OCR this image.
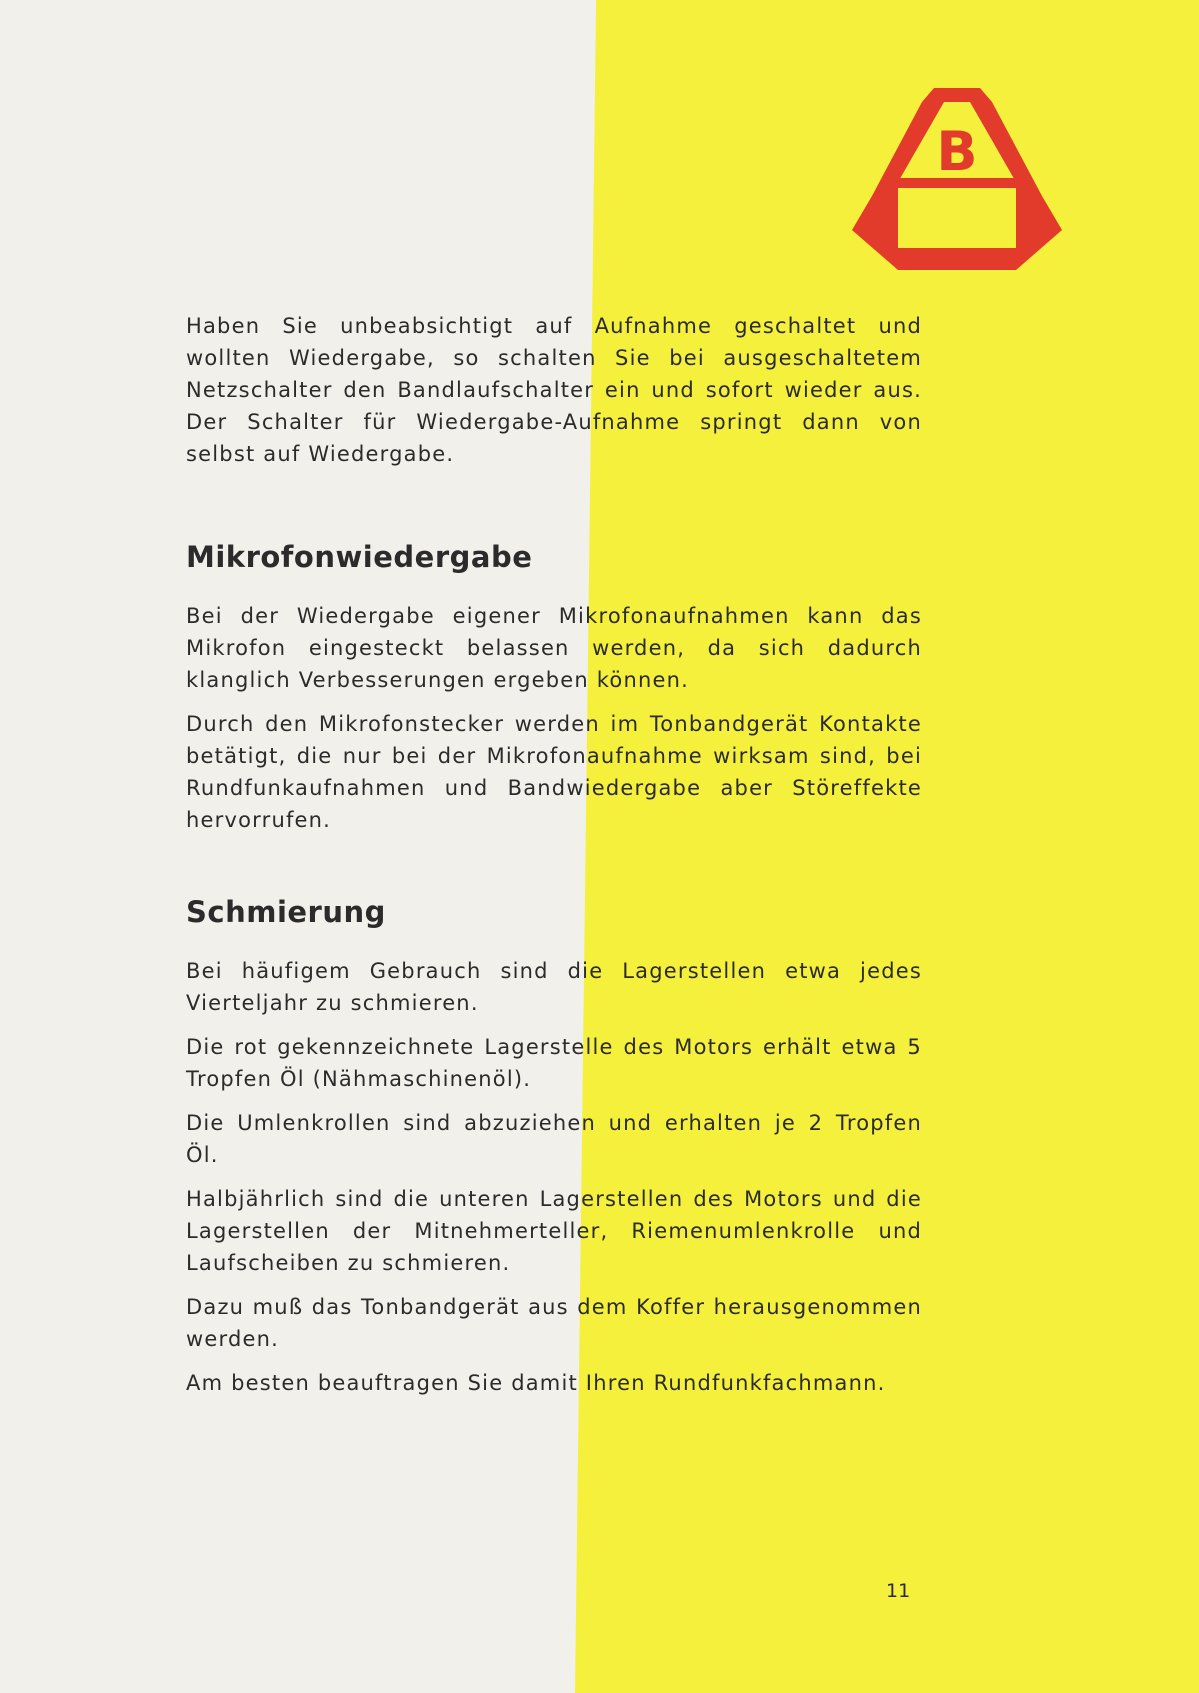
B
W

Haben Sie unbeabsichtigt auf Aufnahme geschaltet und wollten Wiedergabe, so schalten Sie bei ausgeschaltetem Netzschalter den Bandlaufschalter ein und sofort wieder aus. Der Schalter für Wiedergabe-Aufnahme springt dann von selbst auf Wiedergabe.

Mikrofonwiedergabe

Bei der Wiedergabe eigener Mikrofonaufnahmen kann das Mikrofon eingesteckt belassen werden, da sich dadurch klanglich Verbesserungen ergeben können.

Durch den Mikrofonstecker werden im Tonbandgerät Kontakte betätigt, die nur bei der Mikrofonaufnahme wirksam sind, bei Rundfunkaufnahmen und Bandwiedergabe aber Störeffekte hervorrufen.

Schmierung

Bei häufigem Gebrauch sind die Lagerstellen etwa jedes Vierteljahr zu schmieren.

Die rot gekennzeichnete Lagerstelle des Motors erhält etwa 5 Tropfen Öl (Nähmaschinenöl).

Die Umlenkrollen sind abzuziehen und erhalten je 2 Tropfen Öl.

Halbjährlich sind die unteren Lagerstellen des Motors und die Lagerstellen der Mitnehmerteller, Riemenumlenkrolle und Laufscheiben zu schmieren.

Dazu muß das Tonbandgerät aus dem Koffer herausgenommen werden.

Am besten beauftragen Sie damit Ihren Rundfunkfachmann.

11
